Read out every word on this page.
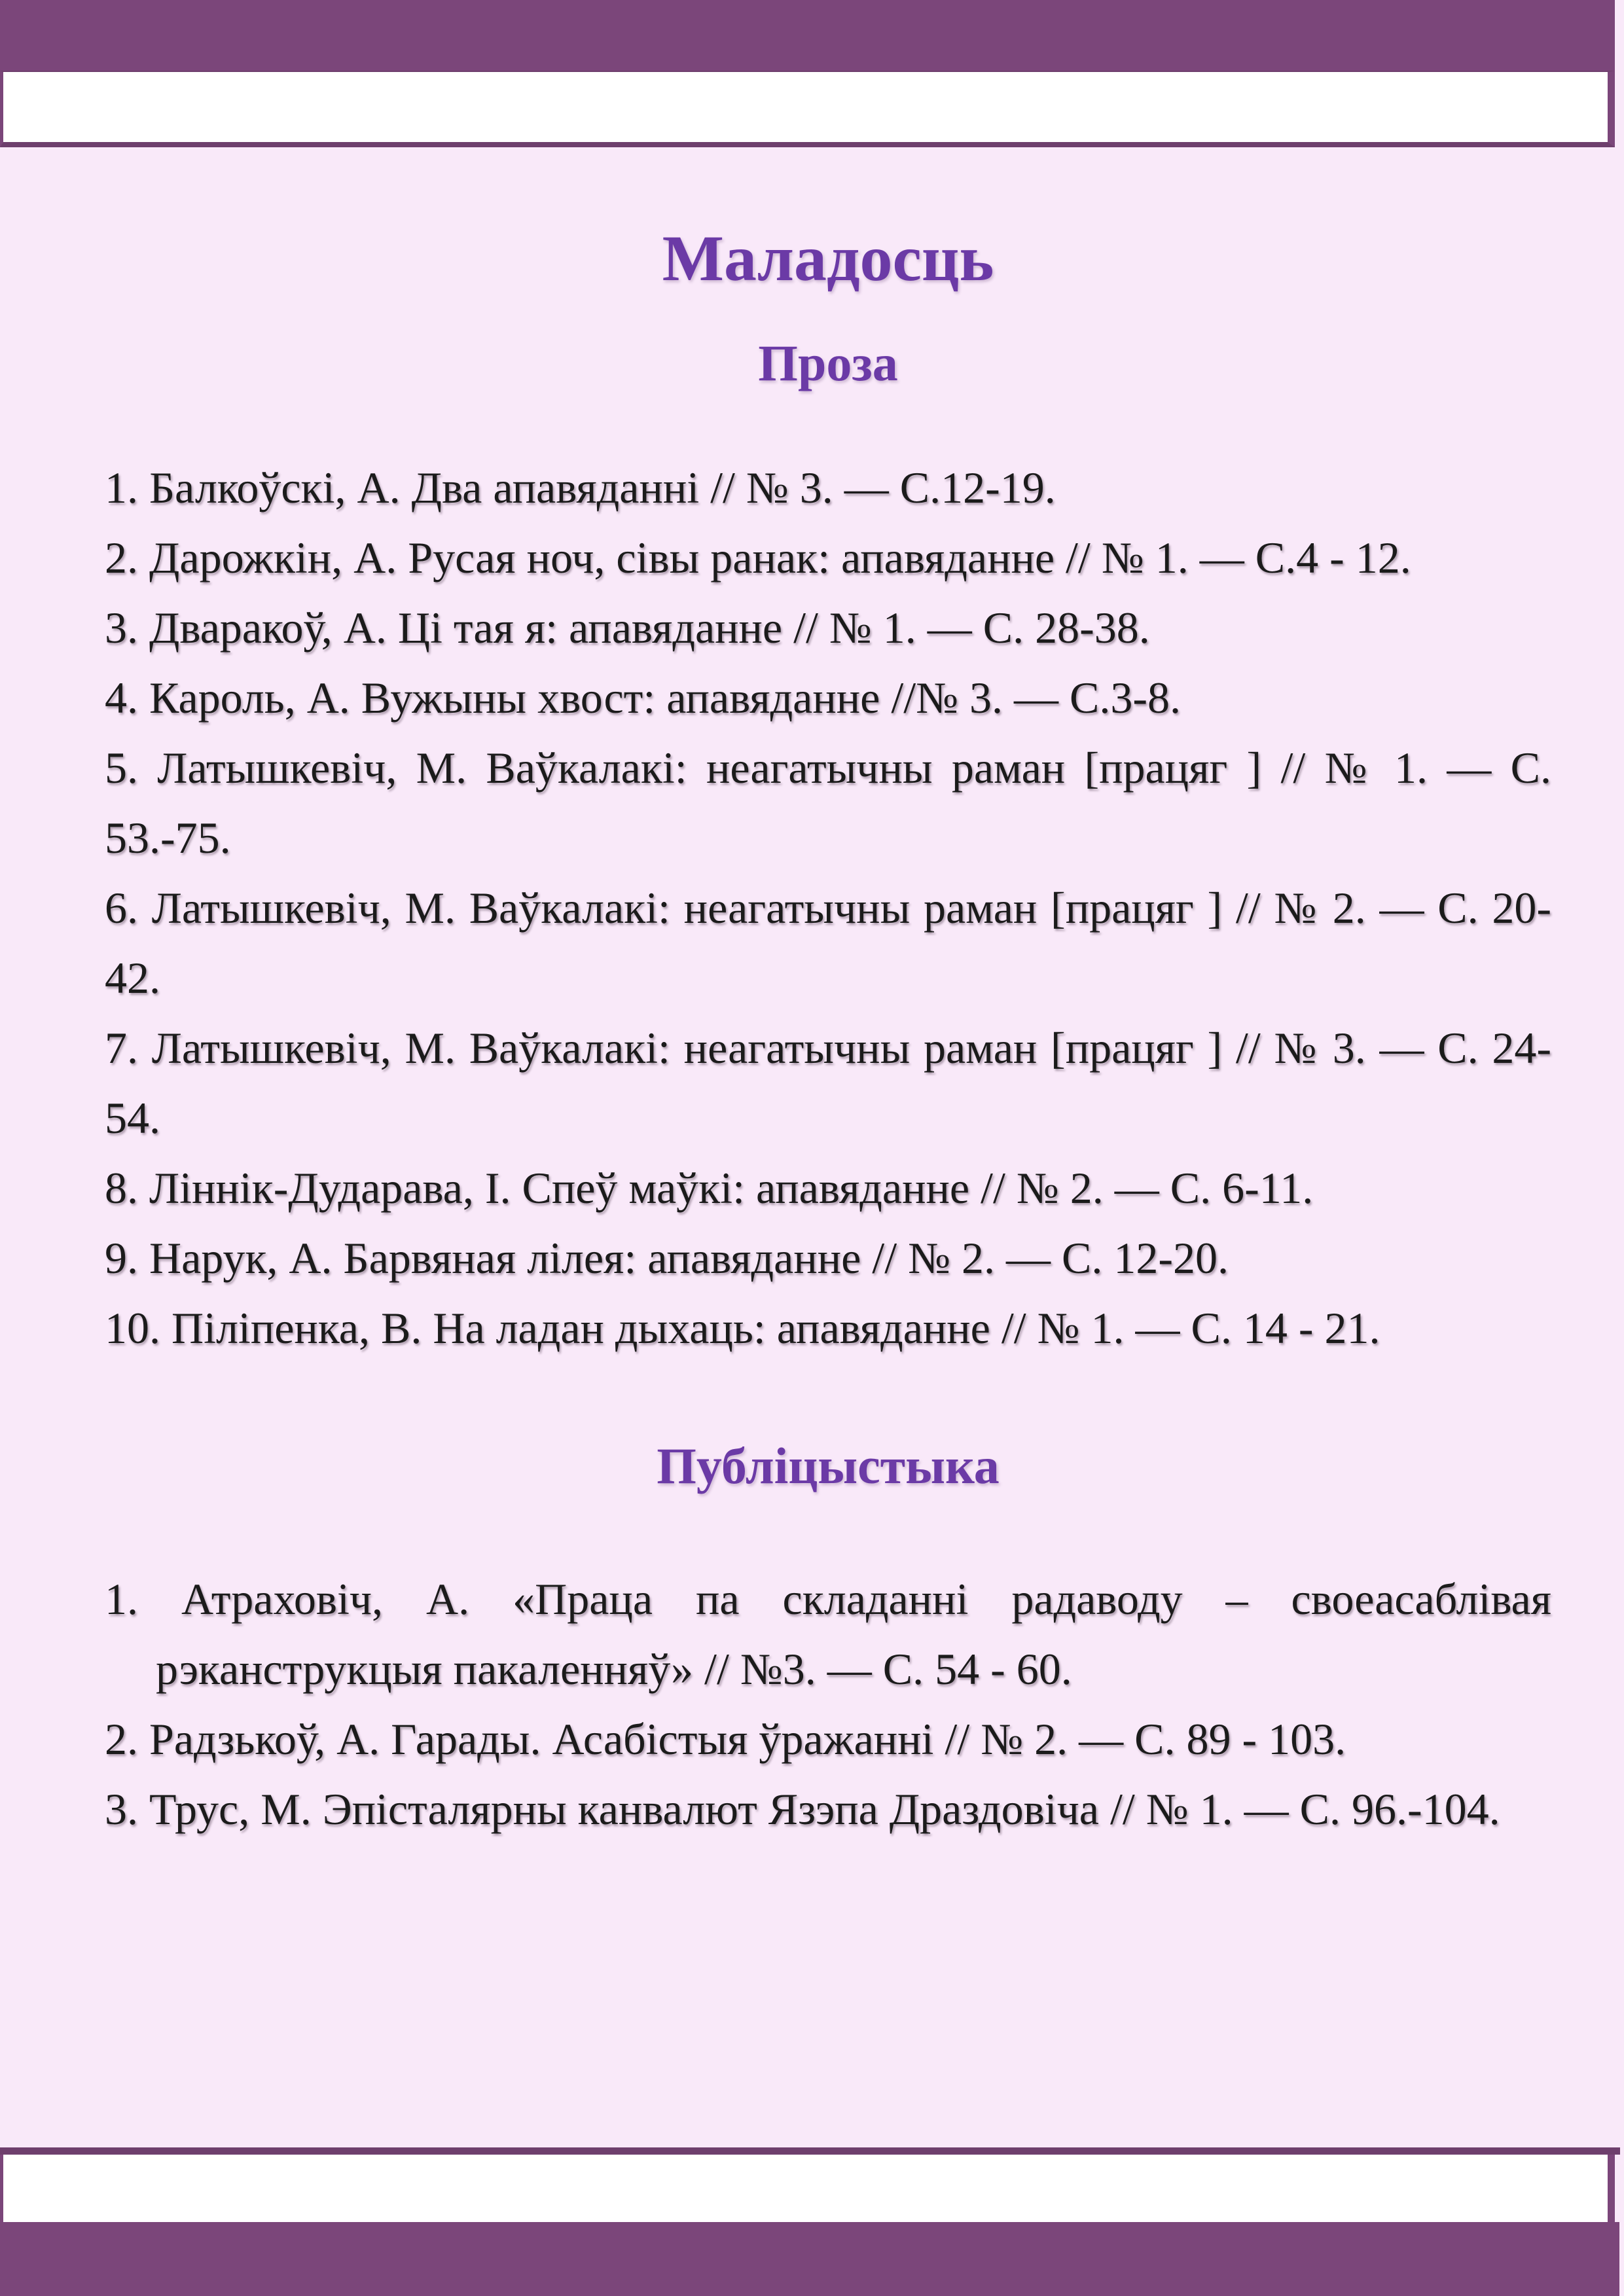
Маладосць
Проза

1. Балкоўскі, А. Два апавяданні // № 3. — С.12-19.

2. Дарожкін, А. Русая ноч, сівы ранак: апавяданне // № 1. — С.4 - 12.

3. Дваракоў, А. Ці тая я: апавяданне // № 1. — С. 28-38.

4. Кароль, А. Вужыны хвост: апавяданне //№ 3. — С.3-8.

5. Латышкевіч, М. Ваўкалакі: неагатычны раман [працяг ] // № 1. — С. 53.-75.

6. Латышкевіч, М. Ваўкалакі: неагатычны раман [працяг ] // № 2. — С. 20-42.

7. Латышкевіч, М. Ваўкалакі: неагатычны раман [працяг ] // № 3. — С. 24-54.

8. Ліннік-Дударава, І. Спеў маўкі: апавяданне // № 2. — С. 6-11.

9. Нарук, А. Барвяная лілея: апавяданне // № 2. — С. 12-20.

10. Піліпенка, В. На ладан дыхаць: апавяданне // № 1. — С. 14 - 21.

Публіцыстыка

1. Атраховіч, А. «Праца па складанні радаводу – своеасаблівая рэканструкцыя пакаленняў» // №3. — С. 54 - 60.

2. Радзькоў, А. Гарады. Асабістыя ўражанні // № 2. — С. 89 - 103.

3. Трус, М. Эпісталярны канвалют Язэпа Драздовіча // № 1. — С. 96.-104.
